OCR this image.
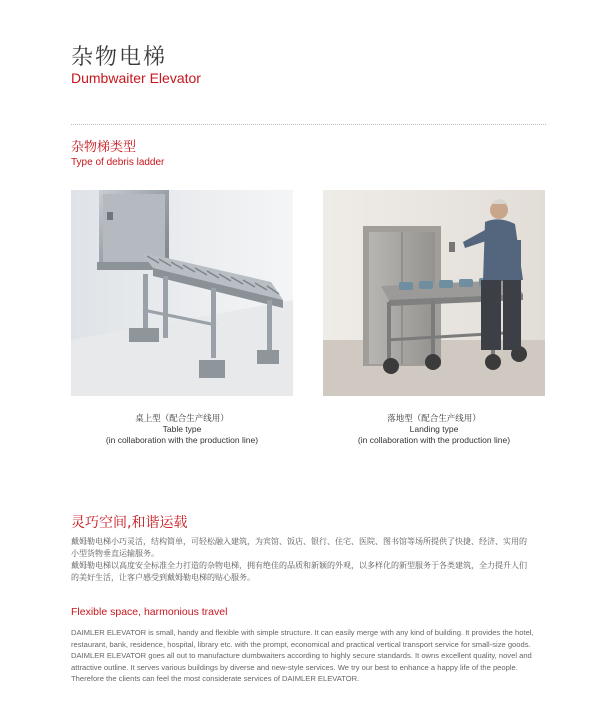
杂物电梯
Dumbwaiter Elevator
杂物梯类型
Type of debris ladder
桌上型（配合生产线用）
Table type
(in collaboration with the production line)
落地型（配合生产线用）
Landing type
(in collaboration with the production line)
灵巧空间,和谐运载
戴姆勒电梯小巧灵活，结构简单，可轻松融入建筑，为宾馆、饭店、银行、住宅、医院、图书馆等场所提供了快捷、经济、实用的
小型货物垂直运输服务。
戴姆勒电梯以高度安全标准全力打造的杂物电梯，拥有绝佳的品质和新颖的外观，以多样化的新型服务于各类建筑，全力提升人们
的美好生活，让客户感受到戴姆勒电梯的贴心服务。
Flexible space, harmonious travel
DAIMLER ELEVATOR is small, handy and flexible with simple structure. It can easily merge with any kind of building. It provides the hotel,
restaurant, bank, residence, hospital, library etc. with the prompt, economical and practical vertical transport service for small-size goods.
DAIMLER ELEVATOR goes all out to manufacture dumbwaiters according to highly secure standards. It owns excellent quality, novel and
attractive outline. It serves various buildings by diverse and new-style services. We try our best to enhance a happy life of the people.
Therefore the clients can feel the most considerate services of DAIMLER ELEVATOR.
